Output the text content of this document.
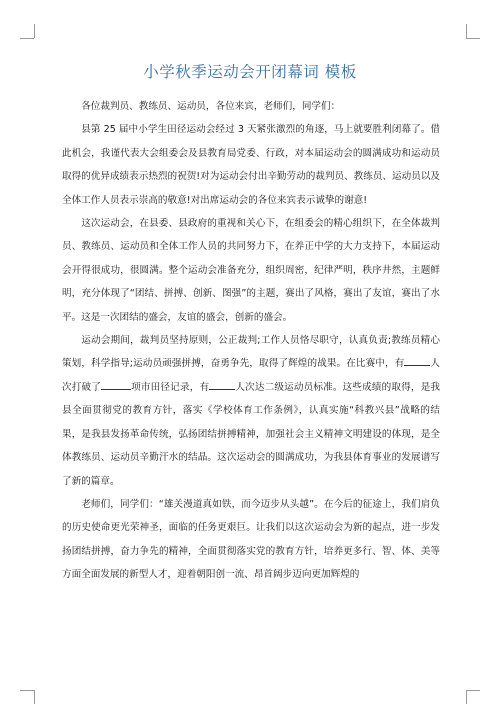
小学秋季运动会开闭幕词 模板

各位裁判员、教练员、运动员，各位来宾，老师们，同学们：

县第 25 届中小学生田径运动会经过 3 天紧张激烈的角逐，马上就要胜利闭幕了。借此机会，我谨代表大会组委会及县教育局党委、行政，对本届运动会的圆满成功和运动员取得的优异成绩表示热烈的祝贺!对为运动会付出辛勤劳动的裁判员、教练员、运动员以及全体工作人员表示崇高的敬意!对出席运动会的各位来宾表示诚挚的谢意!

这次运动会，在县委、县政府的重视和关心下，在组委会的精心组织下，在全体裁判员、教练员、运动员和全体工作人员的共同努力下，在养正中学的大力支持下，本届运动会开得很成功，很圆满。整个运动会准备充分，组织周密，纪律严明，秩序井然，主题鲜明，充分体现了“团结、拼搏、创新、图强”的主题，赛出了风格，赛出了友谊，赛出了水平。这是一次团结的盛会，友谊的盛会，创新的盛会。

运动会期间，裁判员坚持原则，公正裁判;工作人员恪尽职守，认真负责;教练员精心策划，科学指导;运动员顽强拼搏，奋勇争先，取得了辉煌的战果。在比赛中，有	人次打破了	项市田径记录，有	人次达二级运动员标准。这些成绩的取得，是我县全面贯彻党的教育方针，落实《学校体育工作条例》，认真实施“科教兴县”战略的结果，是我县发扬革命传统，弘扬团结拼搏精神，加强社会主义精神文明建设的体现，是全体教练员、运动员辛勤汗水的结晶。这次运动会的圆满成功，为我县体育事业的发展谱写了新的篇章。

老师们，同学们：“雄关漫道真如铁，而今迈步从头越”。在今后的征途上，我们肩负的历史使命更光荣神圣，面临的任务更艰巨。让我们以这次运动会为新的起点，进一步发扬团结拼搏，奋力争先的精神，全面贯彻落实党的教育方针，培养更多行、智、体、美等方面全面发展的新型人才，迎着朝阳创一流、昂首阔步迈向更加辉煌的
